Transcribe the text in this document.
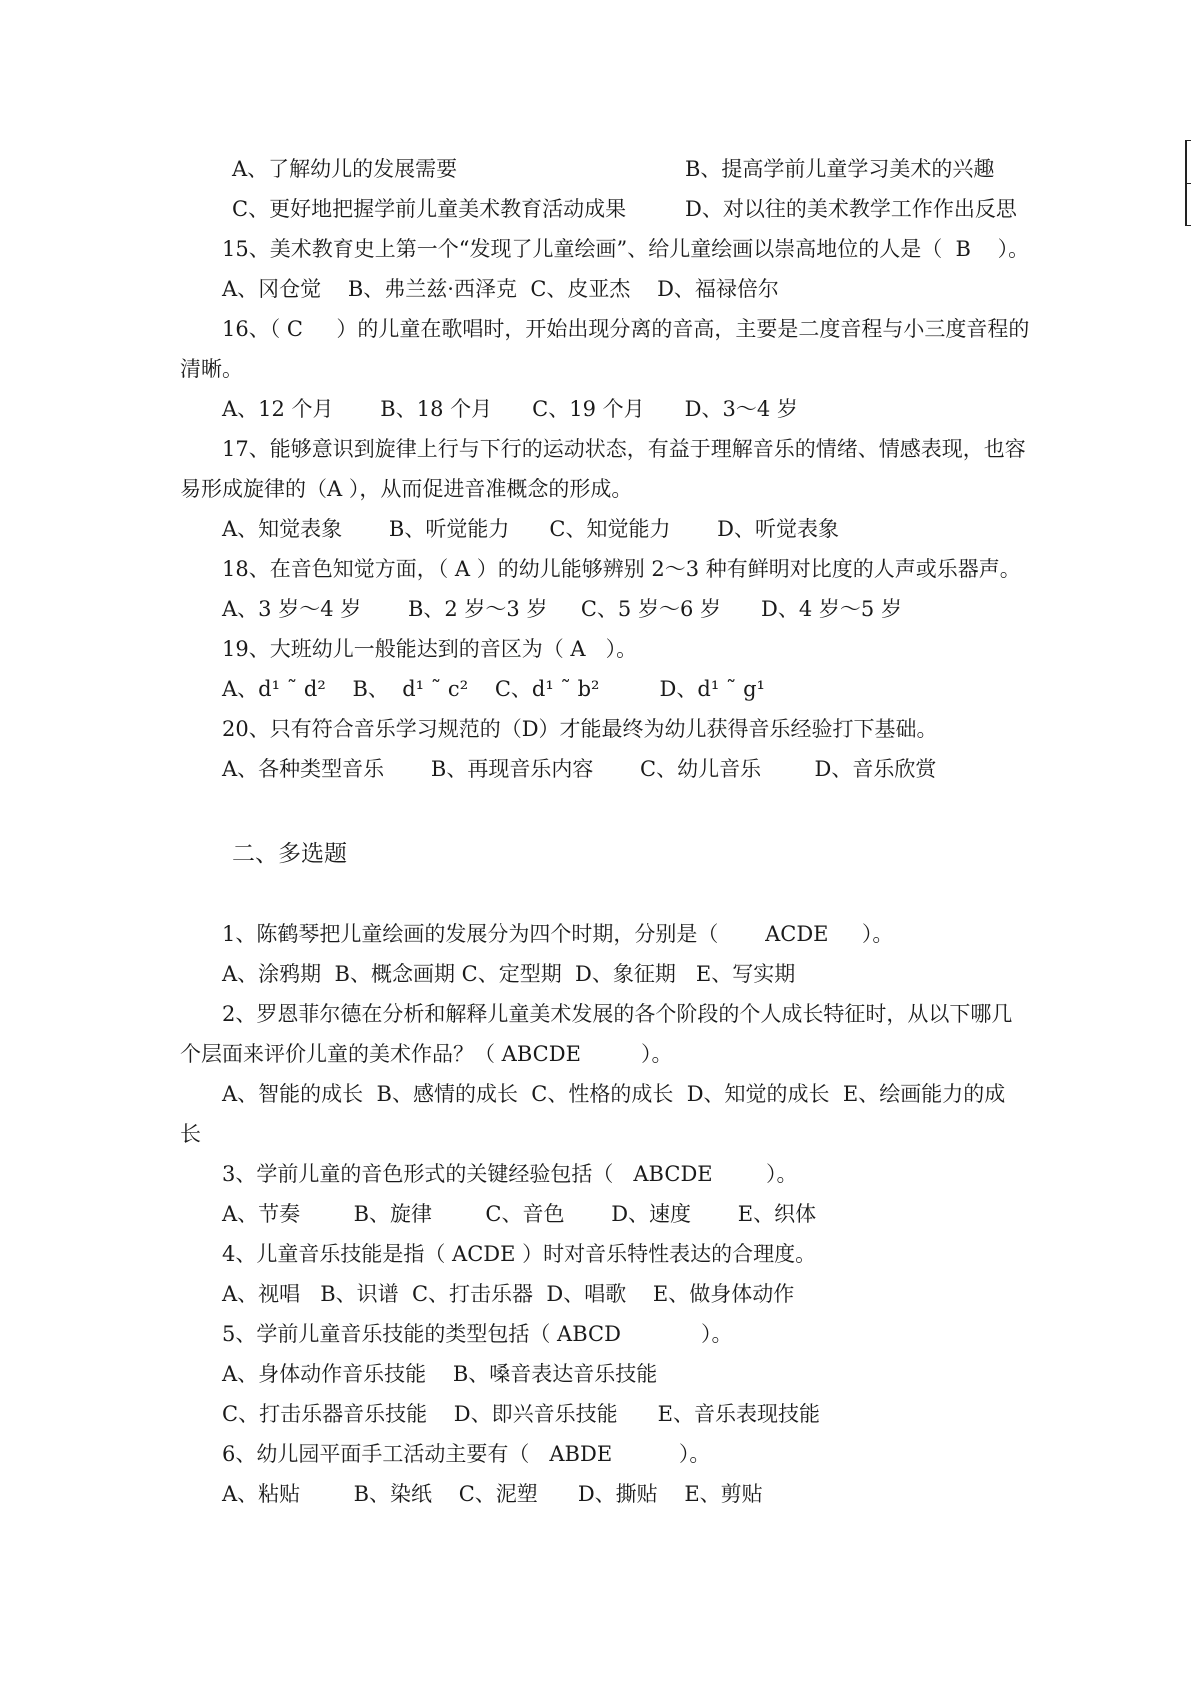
A、了解幼儿的发展需要	B、提高学前儿童学习美术的兴趣
C、更好地把握学前儿童美术教育活动成果	D、对以往的美术教学工作作出反思
15、美术教育史上第一个“发现了儿童绘画”、给儿童绘画以崇高地位的人是（  B    ）。
A、冈仓觉    B、弗兰兹·西泽克  C、皮亚杰    D、福禄倍尔
16、（ C     ）的儿童在歌唱时，开始出现分离的音高，主要是二度音程与小三度音程的
清晰。
A、12 个月       B、18 个月      C、19 个月      D、3～4 岁
17、能够意识到旋律上行与下行的运动状态，有益于理解音乐的情绪、情感表现，也容
易形成旋律的（A ），从而促进音准概念的形成。
A、知觉表象       B、听觉能力      C、知觉能力       D、听觉表象
18、在音色知觉方面，（ A ）的幼儿能够辨别 2～3 种有鲜明对比度的人声或乐器声。
A、3 岁～4 岁       B、2 岁～3 岁     C、5 岁～6 岁      D、4 岁～5 岁
19、大班幼儿一般能达到的音区为（ A   ）。
A、d¹ ˜ d²    B、  d¹ ˜ c²    C、d¹ ˜ b²         D、d¹ ˜ g¹
20、只有符合音乐学习规范的（D）才能最终为幼儿获得音乐经验打下基础。
A、各种类型音乐       B、再现音乐内容       C、幼儿音乐        D、音乐欣赏
二、多选题
1、陈鹤琴把儿童绘画的发展分为四个时期，分别是（       ACDE     ）。
A、涂鸦期  B、概念画期 C、定型期  D、象征期   E、写实期
2、罗恩菲尔德在分析和解释儿童美术发展的各个阶段的个人成长特征时，从以下哪几
个层面来评价儿童的美术作品？（ ABCDE         ）。
A、智能的成长  B、感情的成长  C、性格的成长  D、知觉的成长  E、绘画能力的成
长
3、学前儿童的音色形式的关键经验包括（   ABCDE        ）。
A、节奏        B、旋律        C、音色       D、速度       E、织体
4、儿童音乐技能是指（ ACDE ）时对音乐特性表达的合理度。
A、视唱   B、识谱  C、打击乐器  D、唱歌    E、做身体动作
5、学前儿童音乐技能的类型包括（ ABCD            ）。
A、身体动作音乐技能    B、嗓音表达音乐技能
C、打击乐器音乐技能    D、即兴音乐技能      E、音乐表现技能
6、幼儿园平面手工活动主要有（   ABDE          ）。
A、粘贴        B、染纸    C、泥塑      D、撕贴    E、剪贴
